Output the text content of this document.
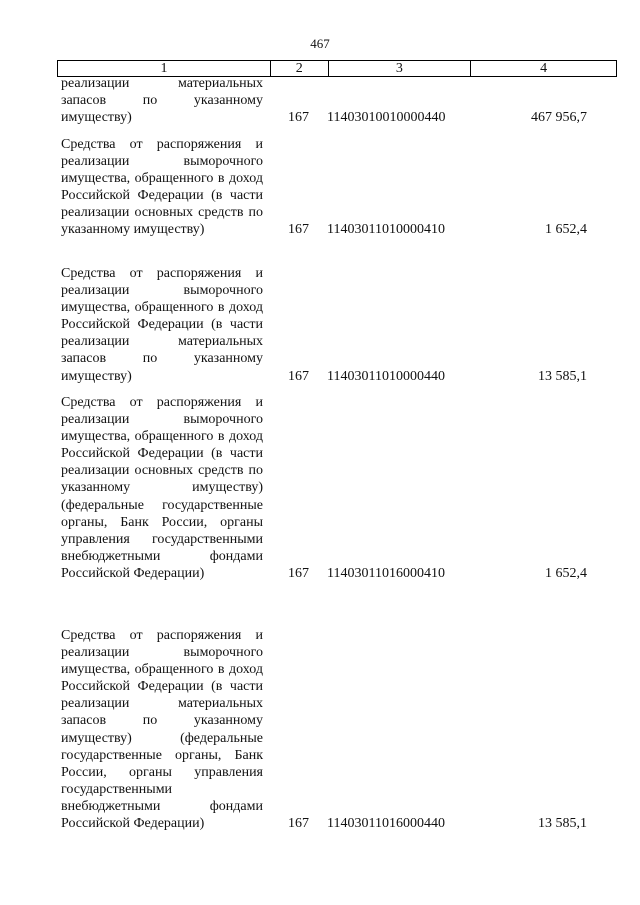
467
1	2	3	4
реализации материальных запасов по указанному имуществу)	167 11403010010000440	467 956,7
Средства от распоряжения и реализации выморочного имущества, обращенного в доход Российской Федерации (в части реализации основных средств по указанному имуществу)	167 11403011010000410	1 652,4
Средства от распоряжения и реализации выморочного имущества, обращенного в доход Российской Федерации (в части реализации материальных запасов по указанному имуществу)	167 11403011010000440	13 585,1
Средства от распоряжения и реализации выморочного имущества, обращенного в доход Российской Федерации (в части реализации основных средств по указанному имуществу) (федеральные государственные органы, Банк России, органы управления государственными внебюджетными фондами Российской Федерации)	167 11403011016000410	1 652,4
Средства от распоряжения и реализации выморочного имущества, обращенного в доход Российской Федерации (в части реализации материальных запасов по указанному имуществу) (федеральные государственные органы, Банк России, органы управления государственными внебюджетными фондами Российской Федерации)	167 11403011016000440	13 585,1
